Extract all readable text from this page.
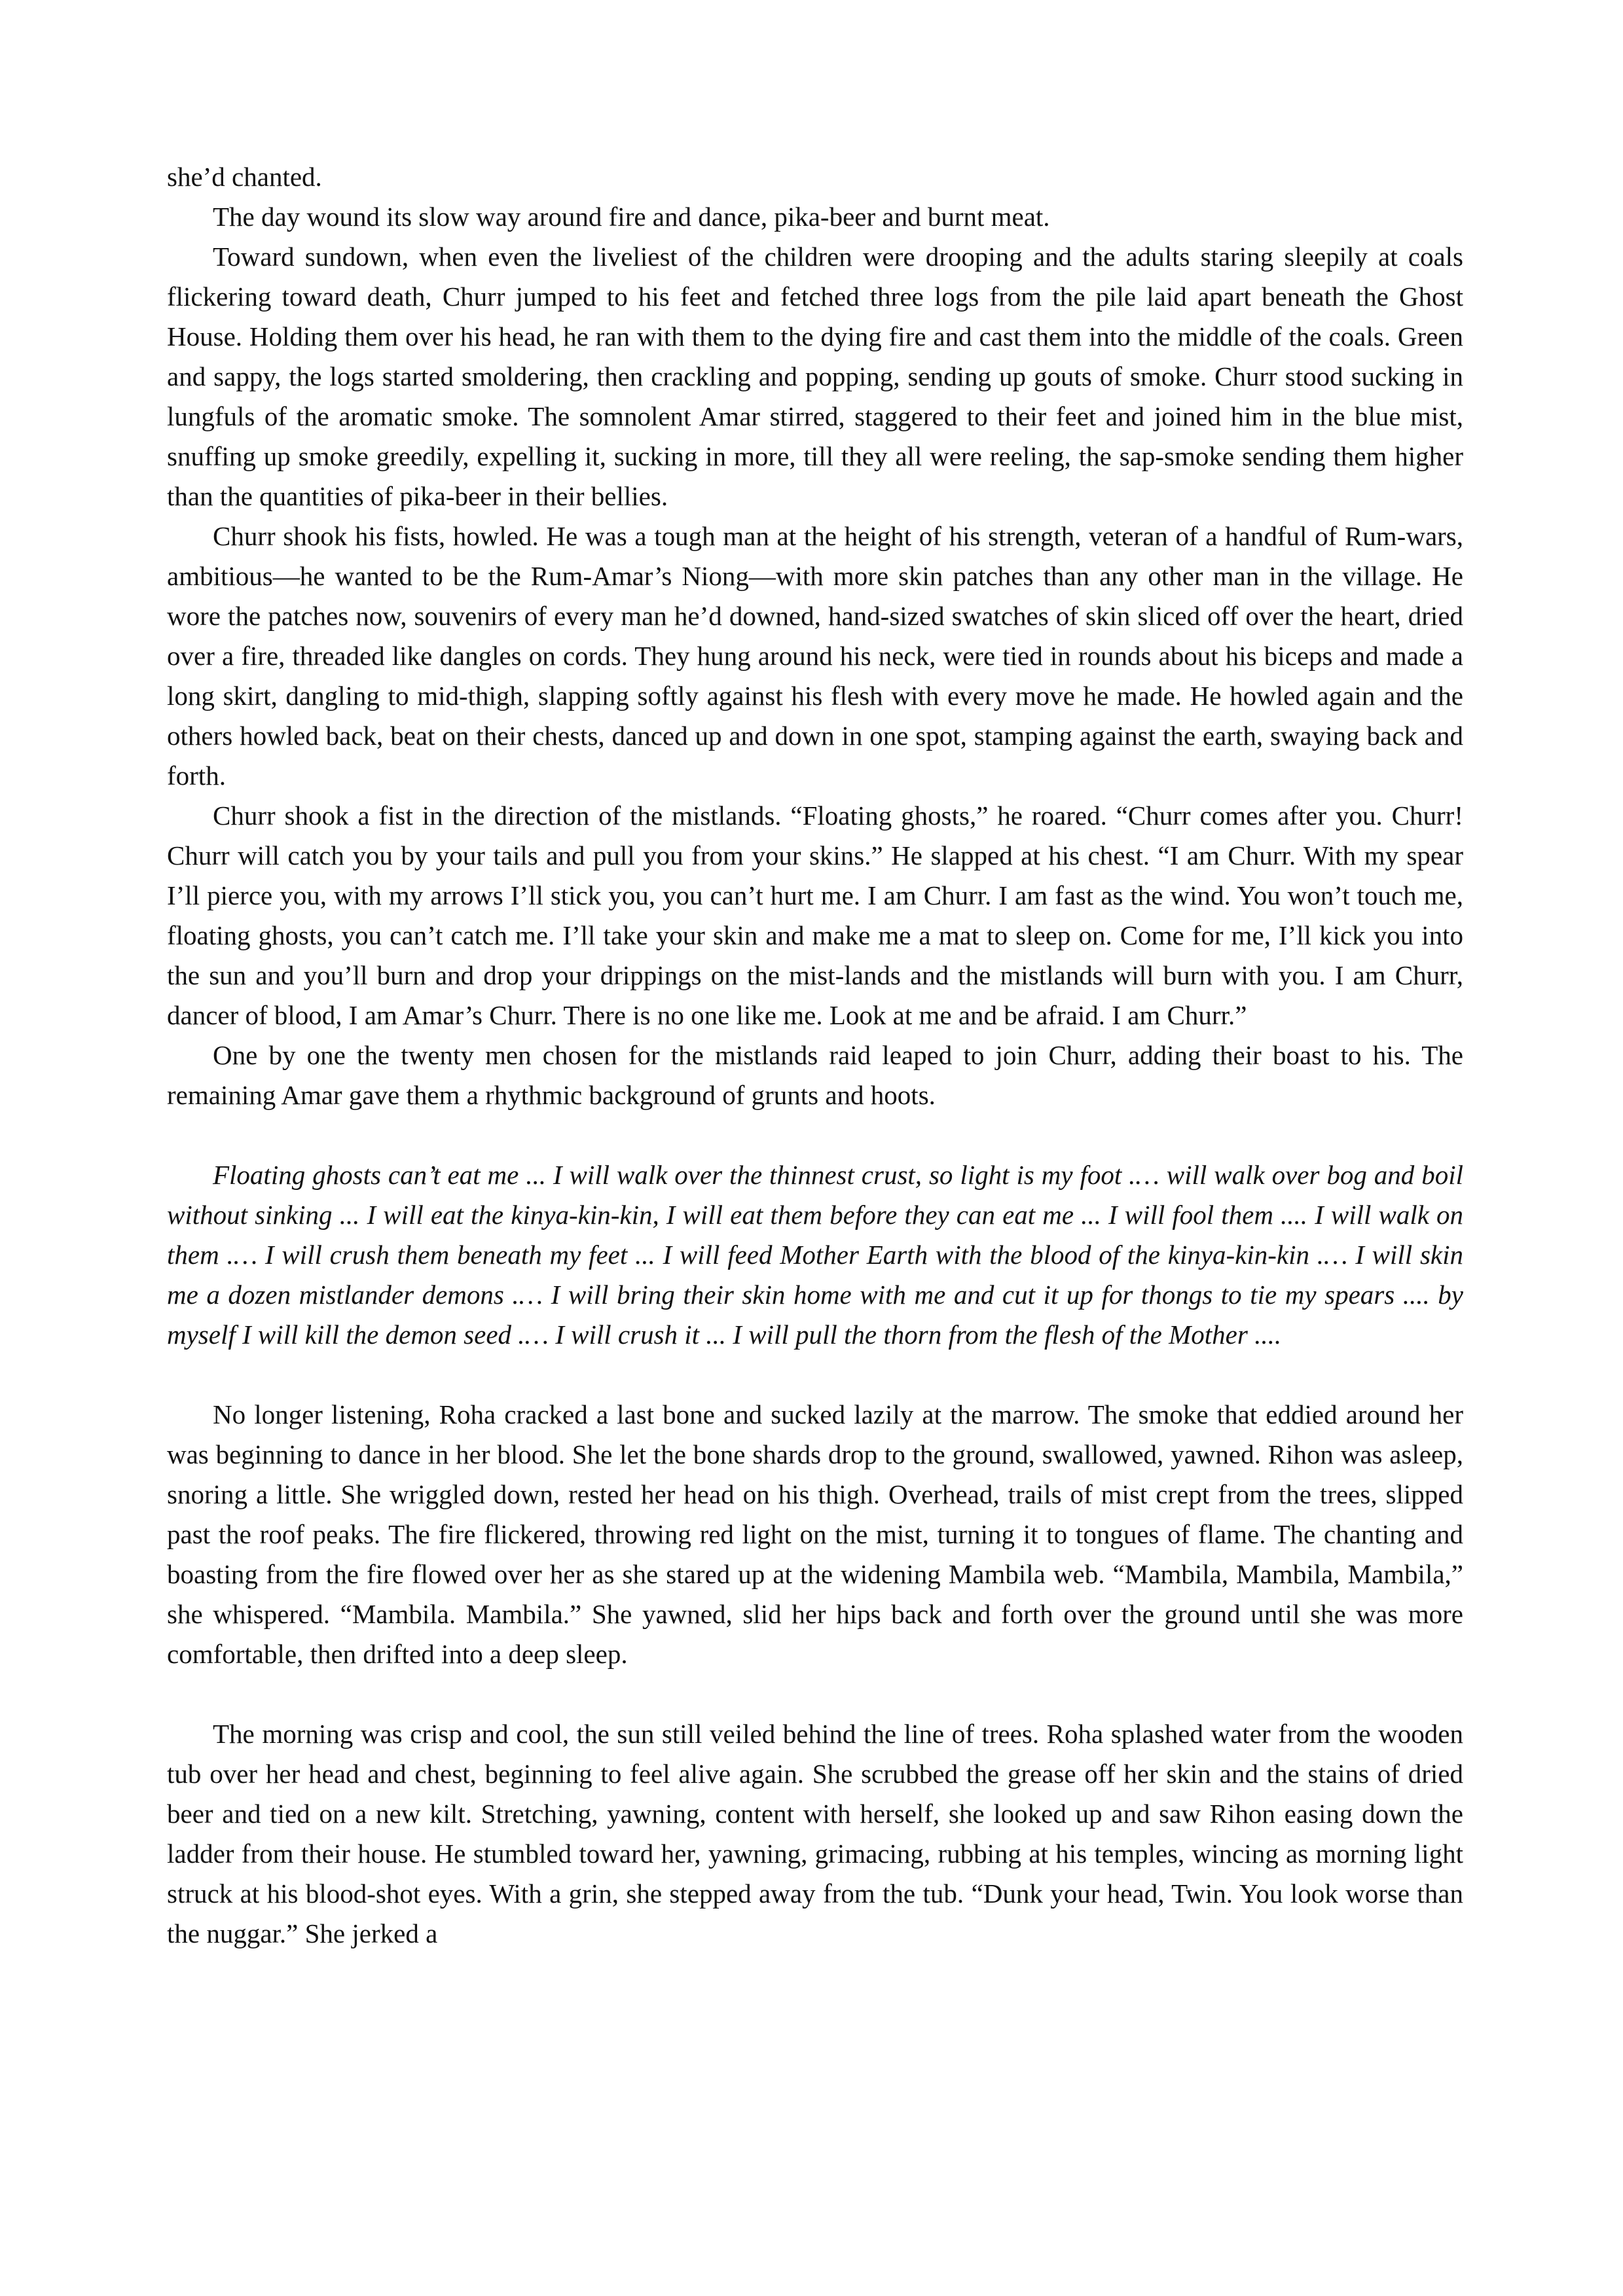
she’d chanted.

The day wound its slow way around fire and dance, pika-beer and burnt meat.

Toward sundown, when even the liveliest of the children were drooping and the adults staring sleepily at coals flickering toward death, Churr jumped to his feet and fetched three logs from the pile laid apart beneath the Ghost House. Holding them over his head, he ran with them to the dying fire and cast them into the middle of the coals. Green and sappy, the logs started smoldering, then crackling and popping, sending up gouts of smoke. Churr stood sucking in lungfuls of the aromatic smoke. The somnolent Amar stirred, staggered to their feet and joined him in the blue mist, snuffing up smoke greedily, expelling it, sucking in more, till they all were reeling, the sap-smoke sending them higher than the quantities of pika-beer in their bellies.

Churr shook his fists, howled. He was a tough man at the height of his strength, veteran of a handful of Rum-wars, ambitious—he wanted to be the Rum-Amar’s Niong—with more skin patches than any other man in the village. He wore the patches now, souvenirs of every man he’d downed, hand-sized swatches of skin sliced off over the heart, dried over a fire, threaded like dangles on cords. They hung around his neck, were tied in rounds about his biceps and made a long skirt, dangling to mid-thigh, slapping softly against his flesh with every move he made. He howled again and the others howled back, beat on their chests, danced up and down in one spot, stamping against the earth, swaying back and forth.

Churr shook a fist in the direction of the mistlands. “Floating ghosts,” he roared. “Churr comes after you. Churr! Churr will catch you by your tails and pull you from your skins.” He slapped at his chest. “I am Churr. With my spear I’ll pierce you, with my arrows I’ll stick you, you can’t hurt me. I am Churr. I am fast as the wind. You won’t touch me, floating ghosts, you can’t catch me. I’ll take your skin and make me a mat to sleep on. Come for me, I’ll kick you into the sun and you’ll burn and drop your drippings on the mist-lands and the mistlands will burn with you. I am Churr, dancer of blood, I am Amar’s Churr. There is no one like me. Look at me and be afraid. I am Churr.”

One by one the twenty men chosen for the mistlands raid leaped to join Churr, adding their boast to his. The remaining Amar gave them a rhythmic background of grunts and hoots.

Floating ghosts can’t eat me ... I will walk over the thinnest crust, so light is my foot .… will walk over bog and boil without sinking ... I will eat the kinya-kin-kin, I will eat them before they can eat me ... I will fool them .... I will walk on them .… I will crush them beneath my feet ... I will feed Mother Earth with the blood of the kinya-kin-kin .… I will skin me a dozen mistlander demons .… I will bring their skin home with me and cut it up for thongs to tie my spears .... by myself I will kill the demon seed .… I will crush it ... I will pull the thorn from the flesh of the Mother ....

No longer listening, Roha cracked a last bone and sucked lazily at the marrow. The smoke that eddied around her was beginning to dance in her blood. She let the bone shards drop to the ground, swallowed, yawned. Rihon was asleep, snoring a little. She wriggled down, rested her head on his thigh. Overhead, trails of mist crept from the trees, slipped past the roof peaks. The fire flickered, throwing red light on the mist, turning it to tongues of flame. The chanting and boasting from the fire flowed over her as she stared up at the widening Mambila web. “Mambila, Mambila, Mambila,” she whispered. “Mambila. Mambila.” She yawned, slid her hips back and forth over the ground until she was more comfortable, then drifted into a deep sleep.

The morning was crisp and cool, the sun still veiled behind the line of trees. Roha splashed water from the wooden tub over her head and chest, beginning to feel alive again. She scrubbed the grease off her skin and the stains of dried beer and tied on a new kilt. Stretching, yawning, content with herself, she looked up and saw Rihon easing down the ladder from their house. He stumbled toward her, yawning, grimacing, rubbing at his temples, wincing as morning light struck at his blood-shot eyes. With a grin, she stepped away from the tub. “Dunk your head, Twin. You look worse than the nuggar.” She jerked a
